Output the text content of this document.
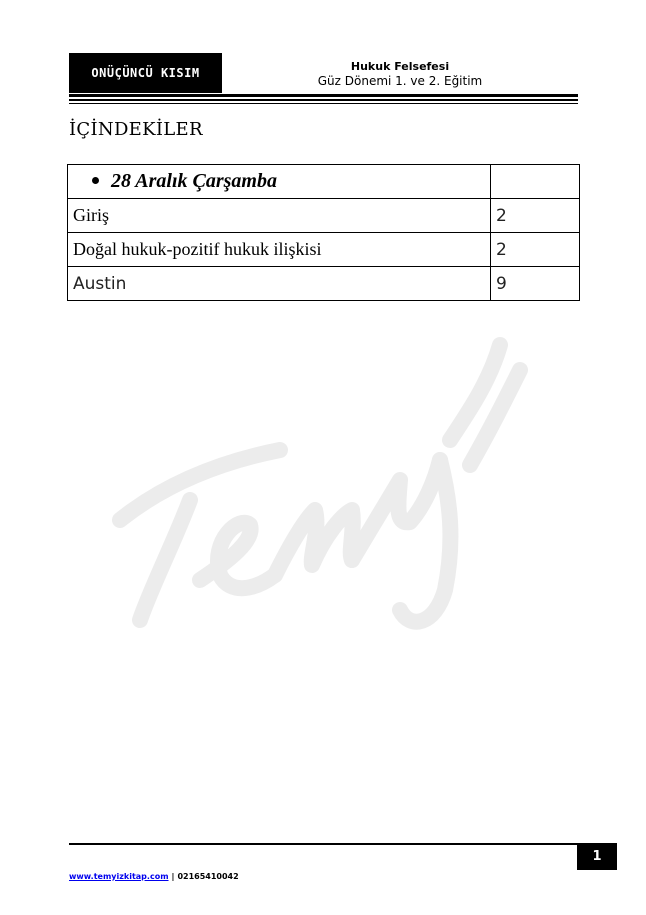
ONÜÇÜNCÜ KISIM	Hukuk Felsefesi
Güz Dönemi 1. ve 2. Eğitim
İÇİNDEKİLER
28 Aralık Çarşamba	
Giriş	2
Doğal hukuk-pozitif hukuk ilişkisi	2
Austin	9
1
www.temyizkitap.com | 02165410042
